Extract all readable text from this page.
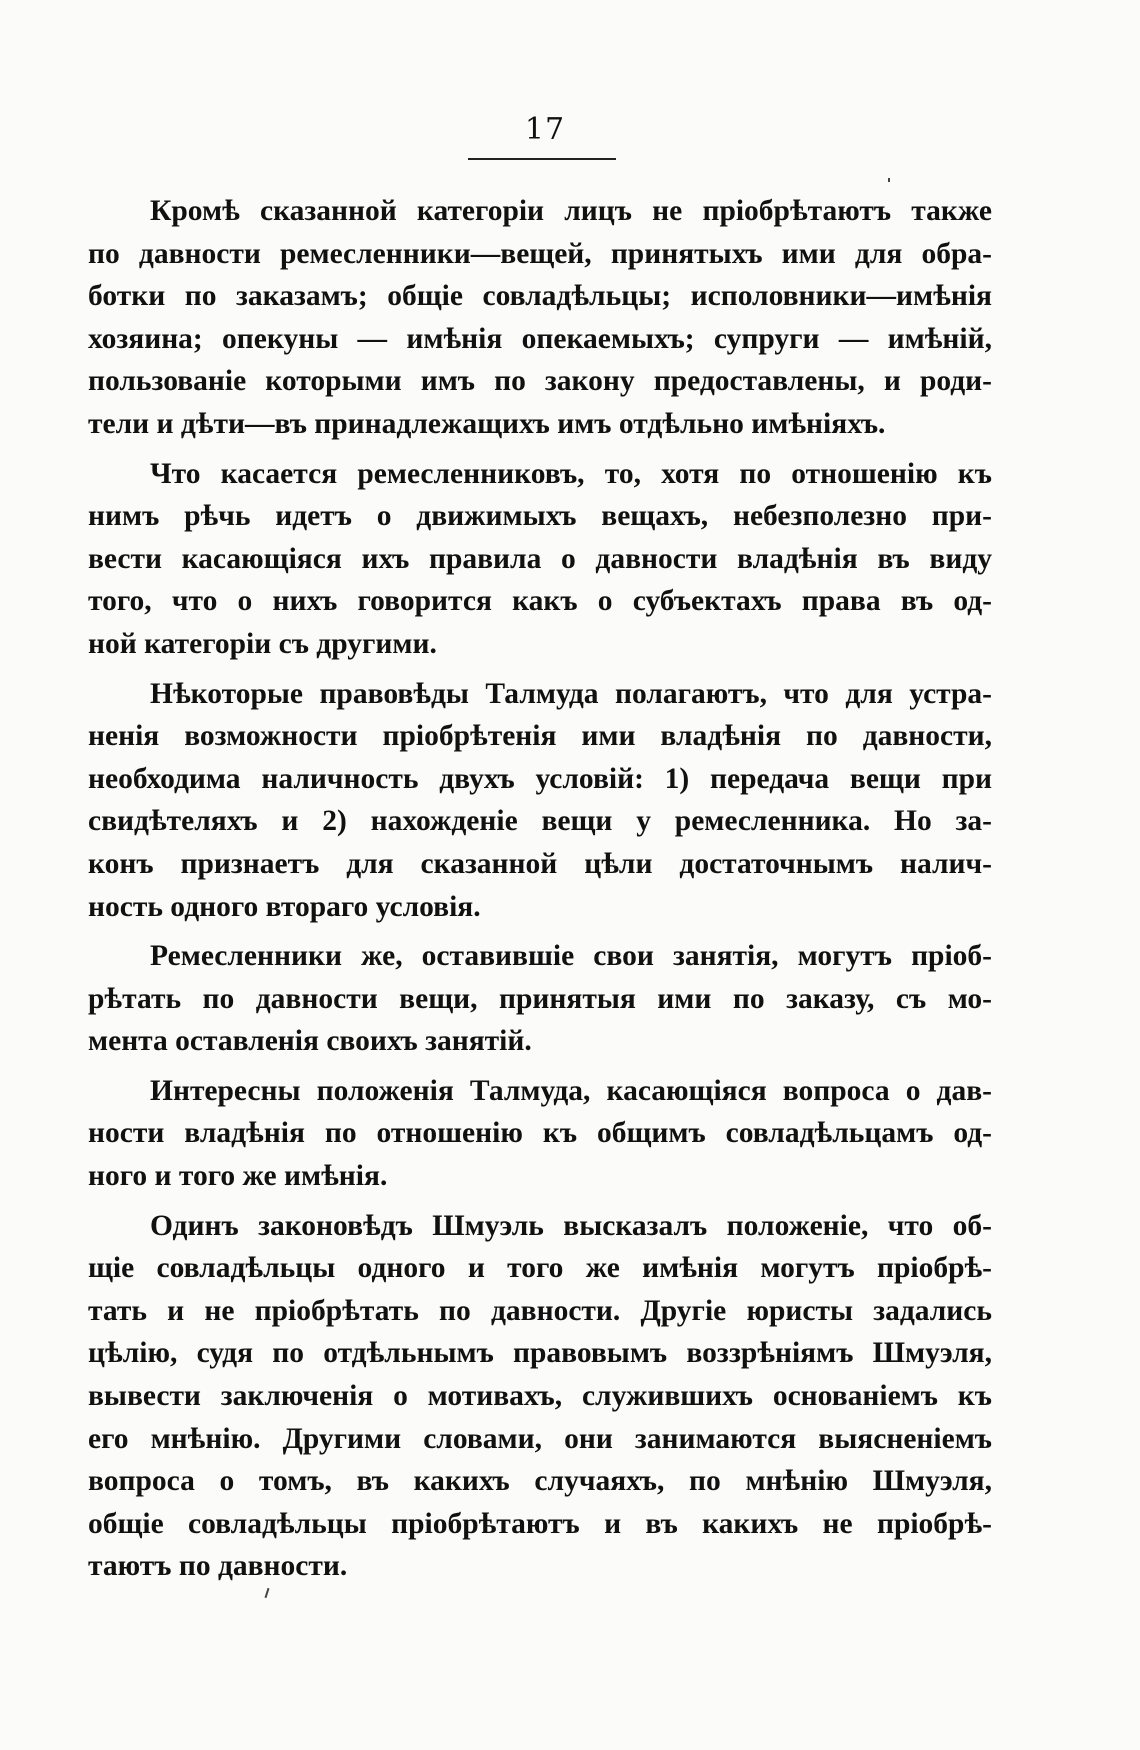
17
Кромѣ сказанной категоріи лицъ не пріобрѣтаютъ также
по давности ремесленники—вещей, принятыхъ ими для обра-
ботки по заказамъ; общіе совладѣльцы; исполовники—имѣнія
хозяина; опекуны — имѣнія опекаемыхъ; супруги — имѣній,
пользованіе которыми имъ по закону предоставлены, и роди-
тели и дѣти—въ принадлежащихъ имъ отдѣльно имѣніяхъ.
Что касается ремесленниковъ, то, хотя по отношенію къ
нимъ рѣчь идетъ о движимыхъ вещахъ, небезполезно при-
вести касающіяся ихъ правила о давности владѣнія въ виду
того, что о нихъ говорится какъ о субъектахъ права въ од-
ной категоріи съ другими.
Нѣкоторые правовѣды Талмуда полагаютъ, что для устра-
ненія возможности пріобрѣтенія ими владѣнія по давности,
необходима наличность двухъ условій: 1) передача вещи при
свидѣтеляхъ и 2) нахожденіе вещи у ремесленника. Но за-
конъ признаетъ для сказанной цѣли достаточнымъ налич-
ность одного втораго условія.
Ремесленники же, оставившіе свои занятія, могутъ пріоб-
рѣтать по давности вещи, принятыя ими по заказу, съ мо-
мента оставленія своихъ занятій.
Интересны положенія Талмуда, касающіяся вопроса о дав-
ности владѣнія по отношенію къ общимъ совладѣльцамъ од-
ного и того же имѣнія.
Одинъ законовѣдъ Шмуэль высказалъ положеніе, что об-
щіе совладѣльцы одного и того же имѣнія могутъ пріобрѣ-
тать и не пріобрѣтать по давности. Другіе юристы задались
цѣлію, судя по отдѣльнымъ правовымъ воззрѣніямъ Шмуэля,
вывести заключенія о мотивахъ, служившихъ основаніемъ къ
его мнѣнію. Другими словами, они занимаются выясненіемъ
вопроса о томъ, въ какихъ случаяхъ, по мнѣнію Шмуэля,
общіе совладѣльцы пріобрѣтаютъ и въ какихъ не пріобрѣ-
таютъ по давности.
